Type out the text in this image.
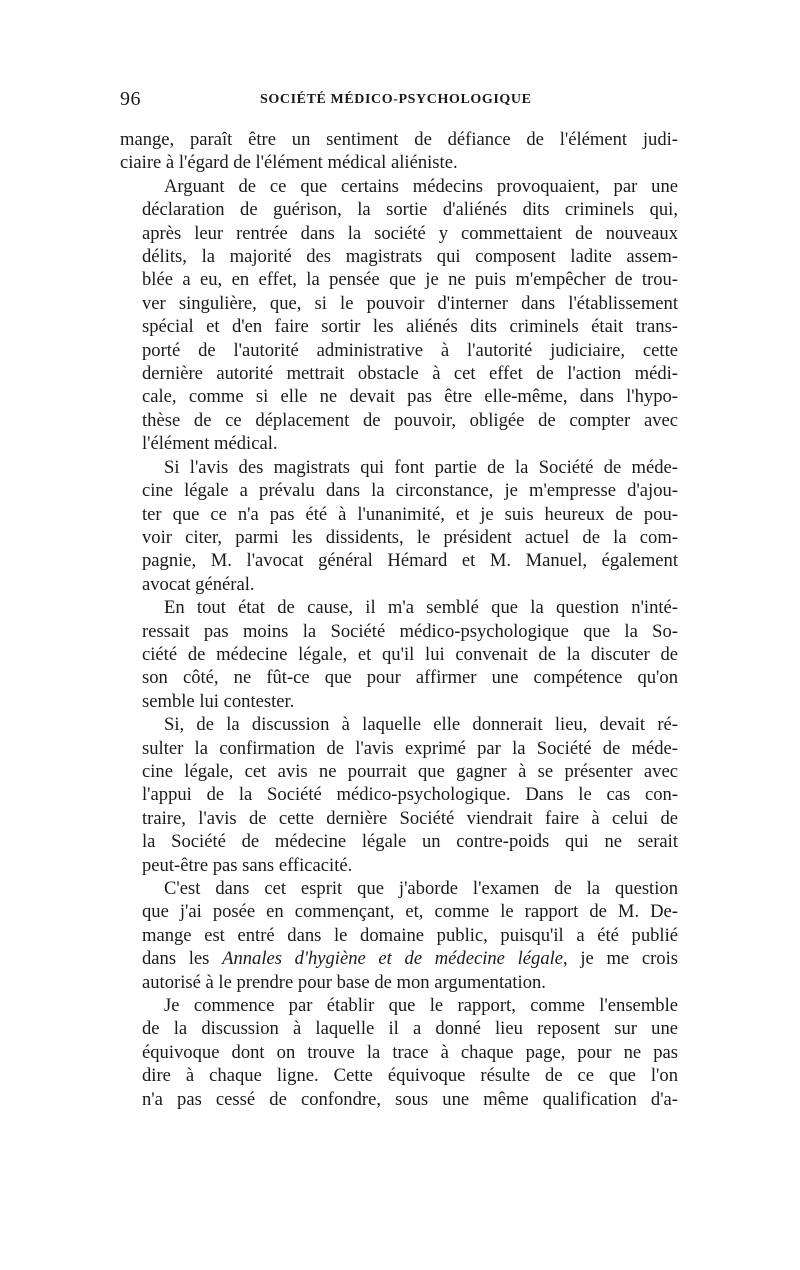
96	SOCIÉTÉ MÉDICO-PSYCHOLOGIQUE

mange, paraît être un sentiment de défiance de l'élément judi-
ciaire à l'égard de l'élément médical aliéniste.

Arguant de ce que certains médecins provoquaient, par une
déclaration de guérison, la sortie d'aliénés dits criminels qui,
après leur rentrée dans la société y commettaient de nouveaux
délits, la majorité des magistrats qui composent ladite assem-
blée a eu, en effet, la pensée que je ne puis m'empêcher de trou-
ver singulière, que, si le pouvoir d'interner dans l'établissement
spécial et d'en faire sortir les aliénés dits criminels était trans-
porté de l'autorité administrative à l'autorité judiciaire, cette
dernière autorité mettrait obstacle à cet effet de l'action médi-
cale, comme si elle ne devait pas être elle-même, dans l'hypo-
thèse de ce déplacement de pouvoir, obligée de compter avec
l'élément médical.

Si l'avis des magistrats qui font partie de la Société de méde-
cine légale a prévalu dans la circonstance, je m'empresse d'ajou-
ter que ce n'a pas été à l'unanimité, et je suis heureux de pou-
voir citer, parmi les dissidents, le président actuel de la com-
pagnie, M. l'avocat général Hémard et M. Manuel, également
avocat général.

En tout état de cause, il m'a semblé que la question n'inté-
ressait pas moins la Société médico-psychologique que la So-
ciété de médecine légale, et qu'il lui convenait de la discuter de
son côté, ne fût-ce que pour affirmer une compétence qu'on
semble lui contester.

Si, de la discussion à laquelle elle donnerait lieu, devait ré-
sulter la confirmation de l'avis exprimé par la Société de méde-
cine légale, cet avis ne pourrait que gagner à se présenter avec
l'appui de la Société médico-psychologique. Dans le cas con-
traire, l'avis de cette dernière Société viendrait faire à celui de
la Société de médecine légale un contre-poids qui ne serait
peut-être pas sans efficacité.

C'est dans cet esprit que j'aborde l'examen de la question
que j'ai posée en commençant, et, comme le rapport de M. De-
mange est entré dans le domaine public, puisqu'il a été publié
dans les Annales d'hygiène et de médecine légale, je me crois
autorisé à le prendre pour base de mon argumentation.

Je commence par établir que le rapport, comme l'ensemble
de la discussion à laquelle il a donné lieu reposent sur une
équivoque dont on trouve la trace à chaque page, pour ne pas
dire à chaque ligne. Cette équivoque résulte de ce que l'on
n'a pas cessé de confondre, sous une même qualification d'a-
